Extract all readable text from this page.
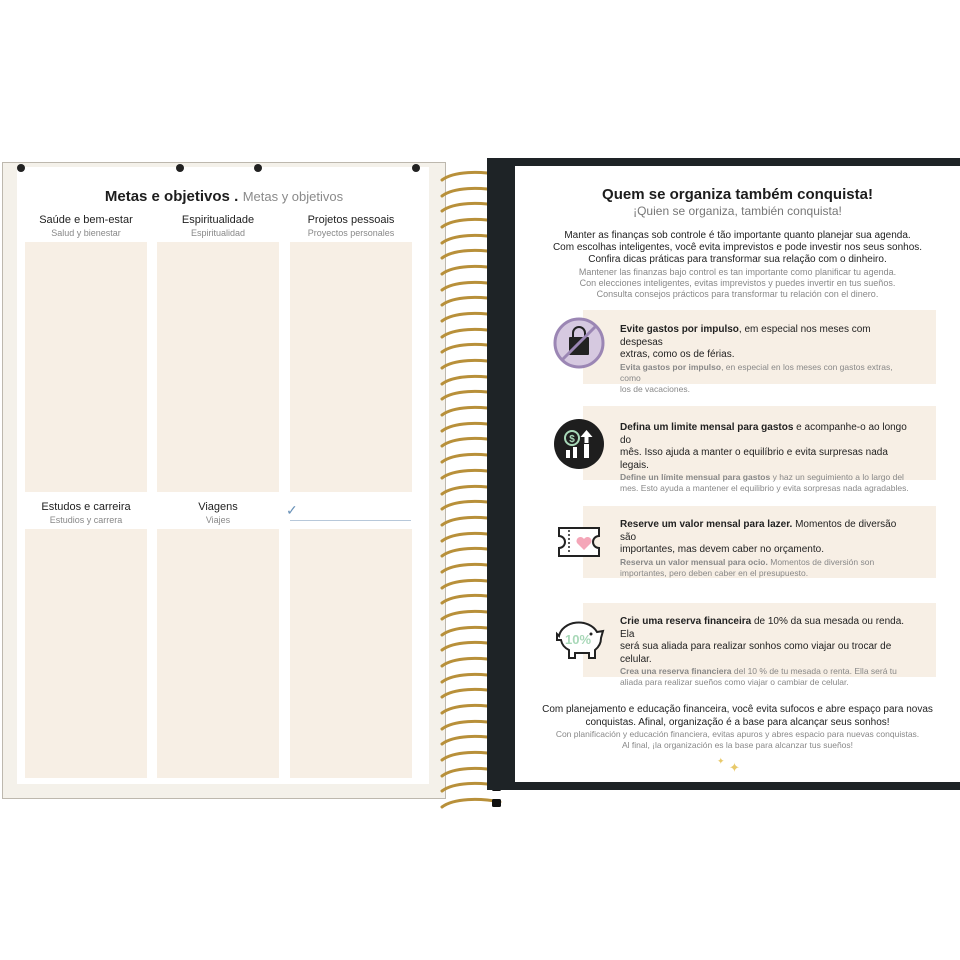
Metas e objetivos . Metas y objetivos
Saúde e bem-estar
Salud y bienestar
Espiritualidade
Espiritualidad
Projetos pessoais
Proyectos personales
Estudos e carreira
Estudios y carrera
Viagens
Viajes
✓
Quem se organiza também conquista!
¡Quien se organiza, también conquista!
Manter as finanças sob controle é tão importante quanto planejar sua agenda.
Com escolhas inteligentes, você evita imprevistos e pode investir nos seus sonhos.
Confira dicas práticas para transformar sua relação com o dinheiro.
Mantener las finanzas bajo control es tan importante como planificar tu agenda.
Con elecciones inteligentes, evitas imprevistos y puedes invertir en tus sueños.
Consulta consejos prácticos para transformar tu relación con el dinero.
Evite gastos por impulso, em especial nos meses com despesas
extras, como os de férias.
Evita gastos por impulso, en especial en los meses con gastos extras, como
los de vacaciones.
$
Defina um limite mensal para gastos e acompanhe-o ao longo do
mês. Isso ajuda a manter o equilíbrio e evita surpresas nada legais.
Define un límite mensual para gastos y haz un seguimiento a lo largo del
mes. Esto ayuda a mantener el equilibrio y evita sorpresas nada agradables.
Reserve um valor mensal para lazer. Momentos de diversão são
importantes, mas devem caber no orçamento.
Reserva un valor mensual para ocio. Momentos de diversión son
importantes, pero deben caber en el presupuesto.
10%
Crie uma reserva financeira de 10% da sua mesada ou renda. Ela
será sua aliada para realizar sonhos como viajar ou trocar de celular.
Crea una reserva financiera del 10 % de tu mesada o renta. Ella será tu
aliada para realizar sueños como viajar o cambiar de celular.
Com planejamento e educação financeira, você evita sufocos e abre espaço para novas
conquistas. Afinal, organização é a base para alcançar seus sonhos!
Con planificación y educación financiera, evitas apuros y abres espacio para nuevas conquistas.
Al final, ¡la organización es la base para alcanzar tus sueños!
✦ ✦
